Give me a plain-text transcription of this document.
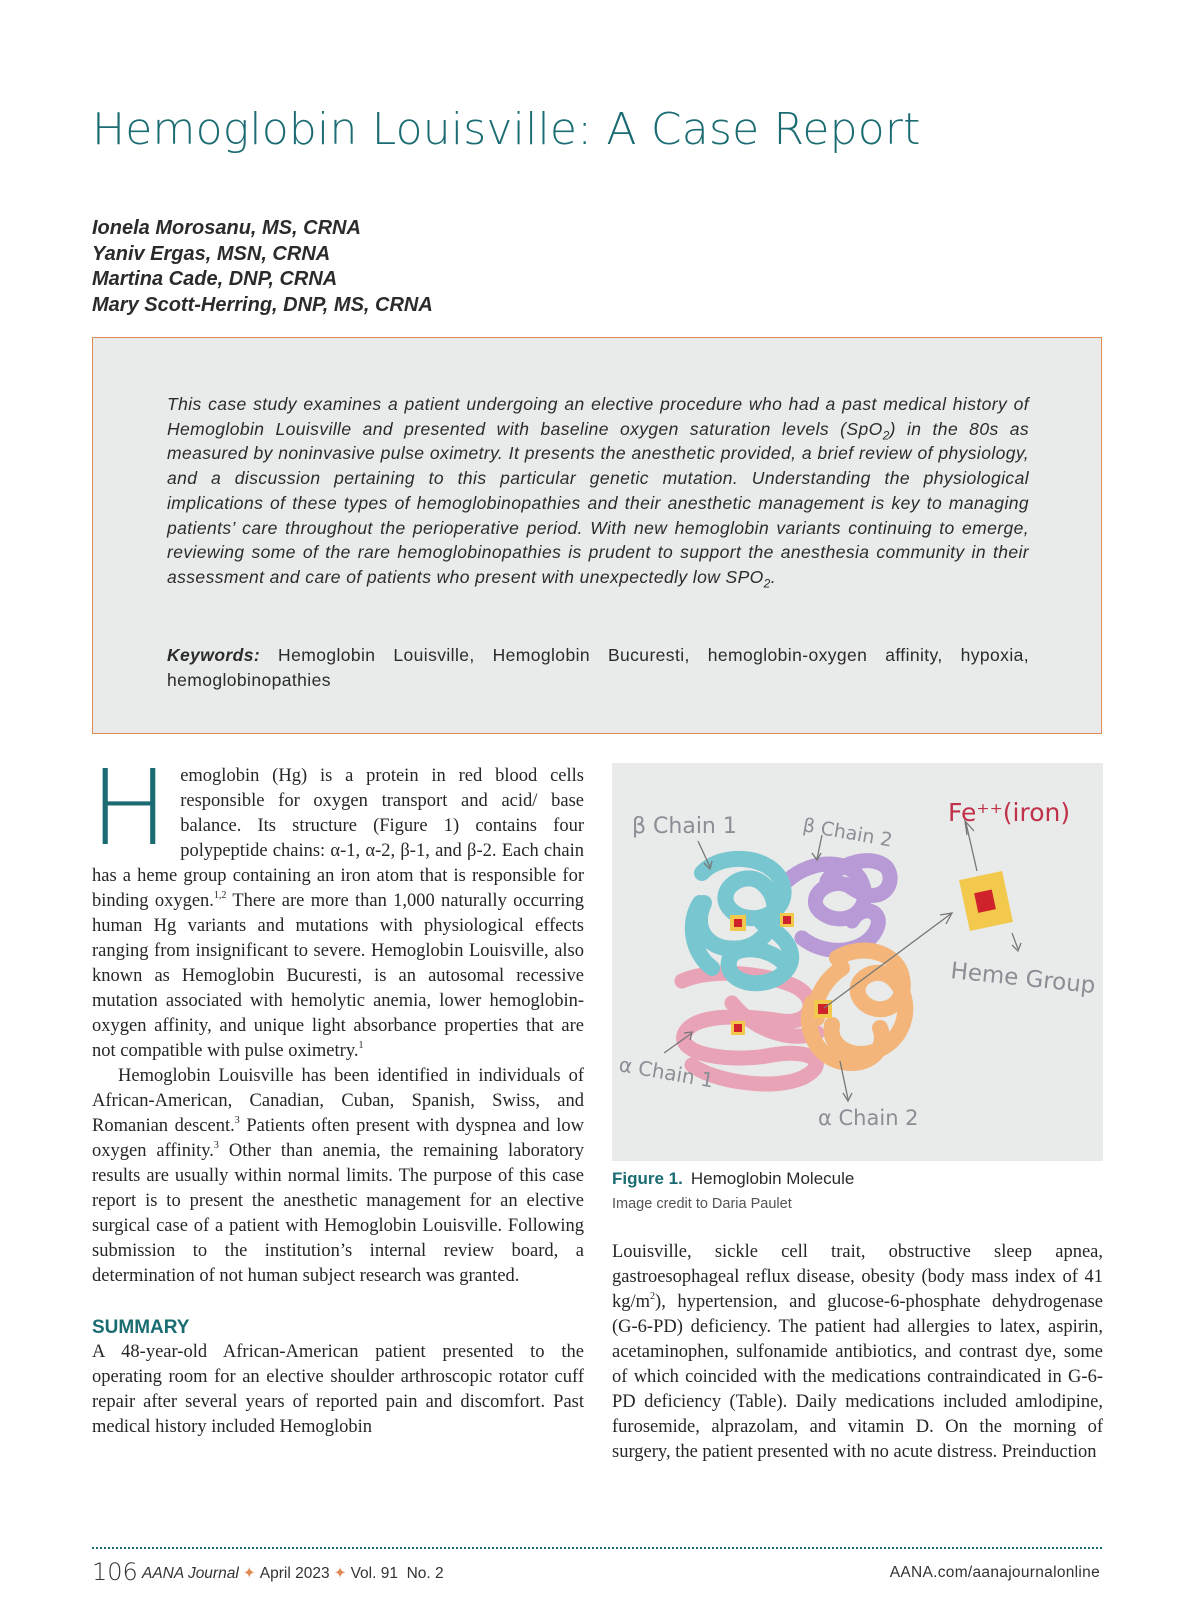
Hemoglobin Louisville: A Case Report
Ionela Morosanu, MS, CRNA
Yaniv Ergas, MSN, CRNA
Martina Cade, DNP, CRNA
Mary Scott-Herring, DNP, MS, CRNA
This case study examines a patient undergoing an elective procedure who had a past medical history of Hemoglobin Louisville and presented with baseline oxygen saturation levels (SpO$_2$) in the 80s as measured by noninvasive pulse oximetry. It presents the anesthetic provided, a brief review of physiology, and a discussion pertaining to this particular genetic mutation. Understanding the physiological implications of these types of hemoglobinopathies and their anesthetic management is key to managing patients’ care throughout the perioperative period. With new hemoglobin variants continuing to emerge, reviewing some of the rare hemoglobinopathies is prudent to support the anesthesia community in their assessment and care of patients who present with unexpectedly low $SPO_2$.
Keywords: Hemoglobin Louisville, Hemoglobin Bucuresti, hemoglobin-oxygen affinity, hypoxia, hemoglobinopathies

Hemoglobin (Hg) is a protein in red blood cells responsible for oxygen transport and acid/ base balance. Its structure (Figure 1) contains four polypeptide chains: α-1, α-2, β-1, and β-2. Each chain has a heme group containing an iron atom that is responsible for binding oxygen.$^{1,2}$ There are more than 1,000 naturally occurring human Hg variants and mutations with physiological effects ranging from insignificant to severe. Hemoglobin Louisville, also known as Hemoglobin Bucuresti, is an autosomal recessive mutation associated with hemolytic anemia, lower hemoglobin-oxygen affinity, and unique light absorbance properties that are not compatible with pulse oximetry.$^1$

Hemoglobin Louisville has been identified in individuals of African-American, Canadian, Cuban, Spanish, Swiss, and Romanian descent.$^3$ Patients often present with dyspnea and low oxygen affinity.$^3$ Other than anemia, the remaining laboratory results are usually within normal limits. The purpose of this case report is to present the anesthetic management for an elective surgical case of a patient with Hemoglobin Louisville. Following submission to the institution’s internal review board, a determination of not human subject research was granted.

SUMMARY

A 48-year-old African-American patient presented to the operating room for an elective shoulder arthroscopic rotator cuff repair after several years of reported pain and discomfort. Past medical history included Hemoglobin

β Chain 1	β Chain 2
Fe⁺⁺(iron)
Heme Group
α Chain 1
α Chain 2
Figure 1. Hemoglobin Molecule
Image credit to Daria Paulet

Louisville, sickle cell trait, obstructive sleep apnea, gastroesophageal reflux disease, obesity (body mass index of 41 $kg/m^2$), hypertension, and glucose-6-phosphate dehydrogenase (G-6-PD) deficiency. The patient had allergies to latex, aspirin, acetaminophen, sulfonamide antibiotics, and contrast dye, some of which coincided with the medications contraindicated in G-6-PD deficiency (Table). Daily medications included amlodipine, furosemide, alprazolam, and vitamin D. On the morning of surgery, the patient presented with no acute distress. Preinduction

106 AANA Journal ✦ April 2023 ✦ Vol. 91 No. 2	AANA.com/aanajournalonline
